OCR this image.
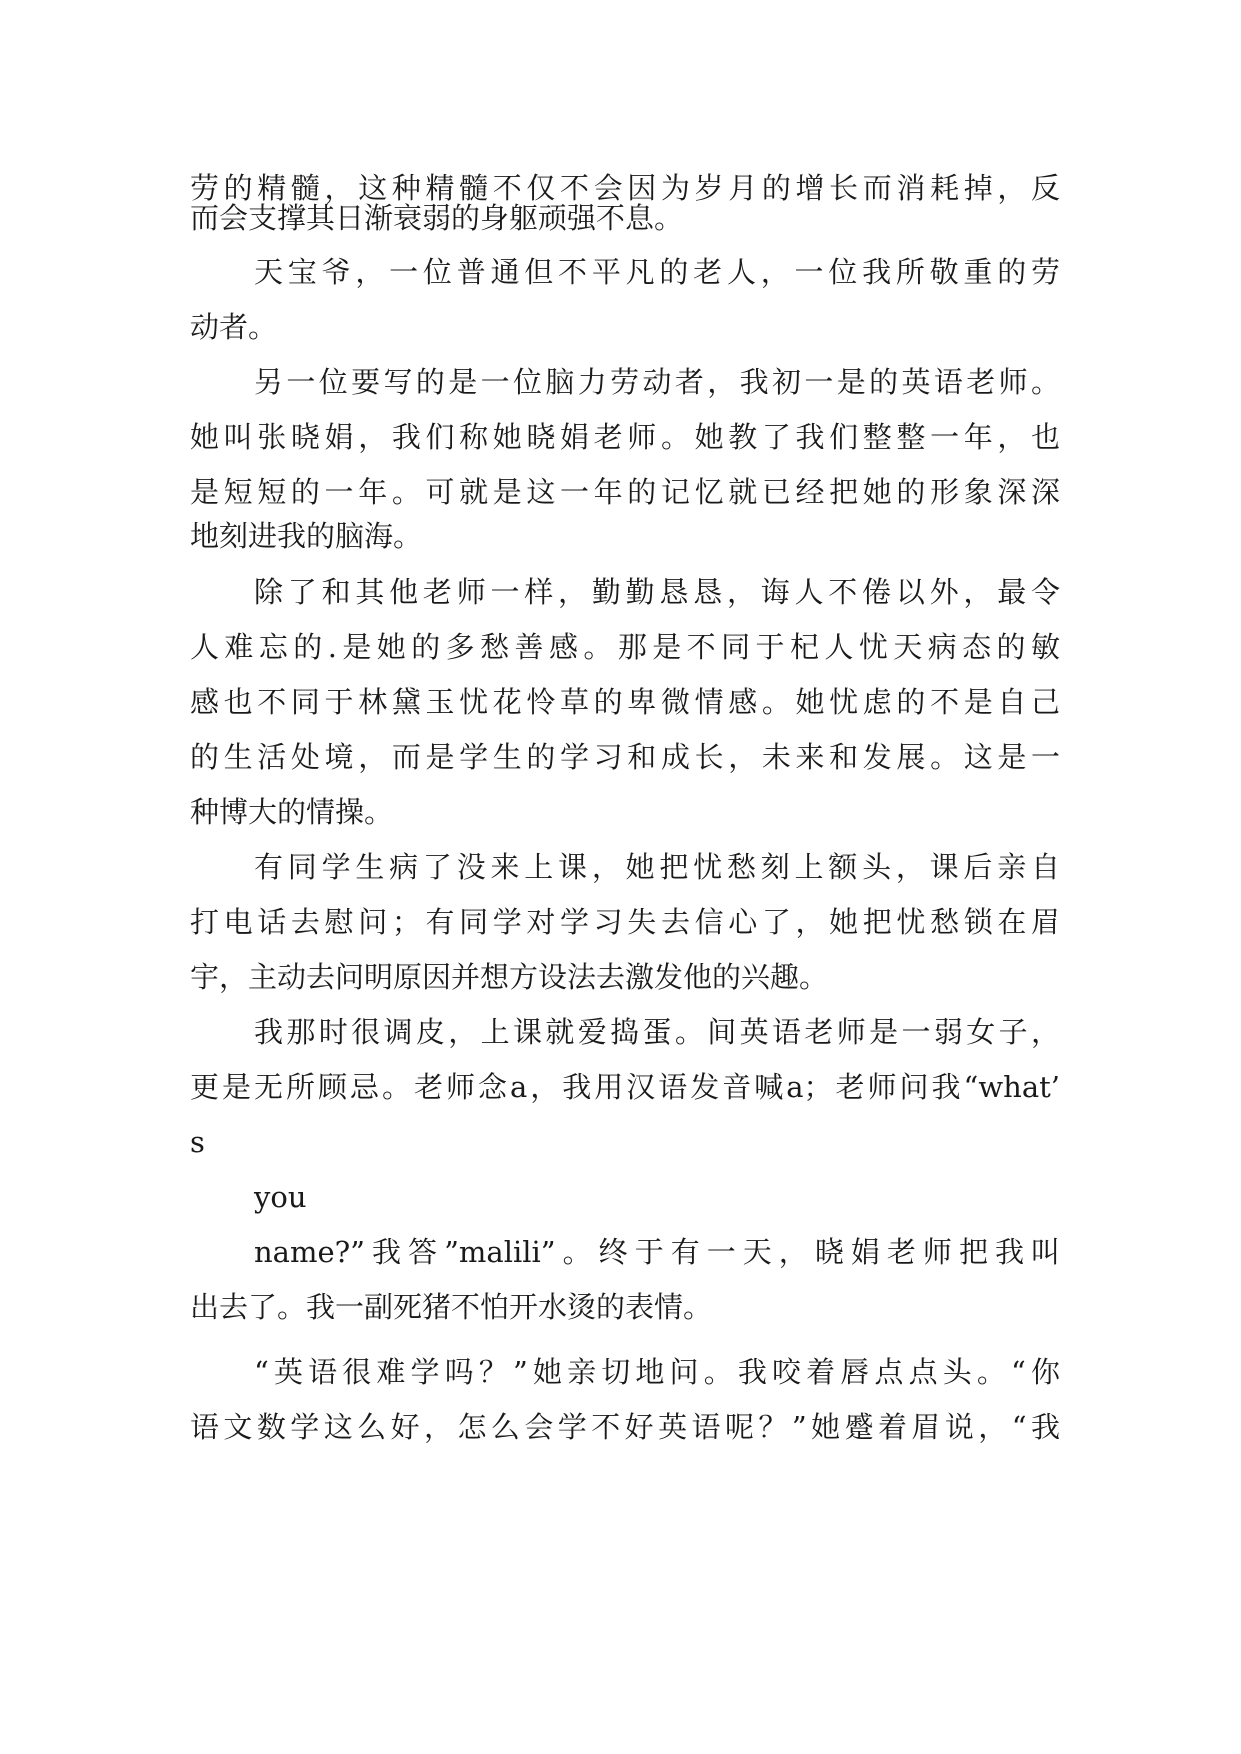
劳的精髓，这种精髓不仅不会因为岁月的增长而消耗掉，反
而会支撑其日渐衰弱的身躯顽强不息。
天宝爷，一位普通但不平凡的老人，一位我所敬重的劳
动者。
另一位要写的是一位脑力劳动者，我初一是的英语老师。
她叫张晓娟，我们称她晓娟老师。她教了我们整整一年，也
是短短的一年。可就是这一年的记忆就已经把她的形象深深
地刻进我的脑海。
除了和其他老师一样，勤勤恳恳，诲人不倦以外，最令
人难忘的.是她的多愁善感。那是不同于杞人忧天病态的敏
感也不同于林黛玉忧花怜草的卑微情感。她忧虑的不是自己
的生活处境，而是学生的学习和成长，未来和发展。这是一
种博大的情操。
有同学生病了没来上课，她把忧愁刻上额头，课后亲自
打电话去慰问；有同学对学习失去信心了，她把忧愁锁在眉
宇，主动去问明原因并想方设法去激发他的兴趣。
我那时很调皮，上课就爱捣蛋。间英语老师是一弱女子，
更是无所顾忌。老师念a，我用汉语发音喊a；老师问我“what’
s
you
name?”我答”malili”。终于有一天，晓娟老师把我叫
出去了。我一副死猪不怕开水烫的表情。
“英语很难学吗？”她亲切地问。我咬着唇点点头。“你
语文数学这么好，怎么会学不好英语呢？”她蹙着眉说，“我
